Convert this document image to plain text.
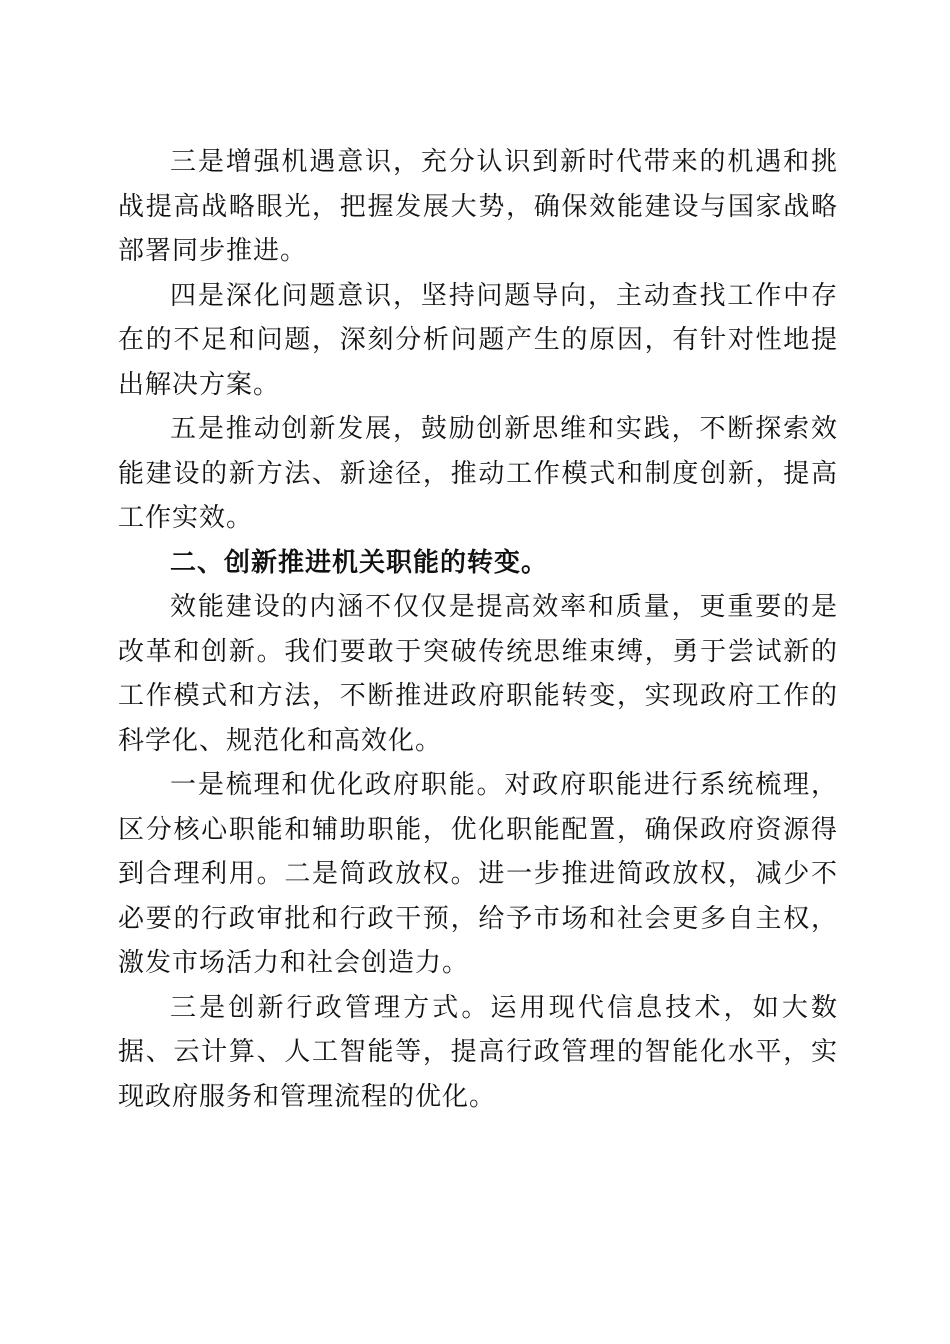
三是增强机遇意识，充分认识到新时代带来的机遇和挑战提高战略眼光，把握发展大势，确保效能建设与国家战略部署同步推进。

四是深化问题意识，坚持问题导向，主动查找工作中存在的不足和问题，深刻分析问题产生的原因，有针对性地提出解决方案。

五是推动创新发展，鼓励创新思维和实践，不断探索效能建设的新方法、新途径，推动工作模式和制度创新，提高工作实效。

二、创新推进机关职能的转变。

效能建设的内涵不仅仅是提高效率和质量，更重要的是改革和创新。我们要敢于突破传统思维束缚，勇于尝试新的工作模式和方法，不断推进政府职能转变，实现政府工作的科学化、规范化和高效化。

一是梳理和优化政府职能。对政府职能进行系统梳理，区分核心职能和辅助职能，优化职能配置，确保政府资源得到合理利用。二是简政放权。进一步推进简政放权，减少不必要的行政审批和行政干预，给予市场和社会更多自主权，激发市场活力和社会创造力。

三是创新行政管理方式。运用现代信息技术，如大数据、云计算、人工智能等，提高行政管理的智能化水平，实现政府服务和管理流程的优化。
